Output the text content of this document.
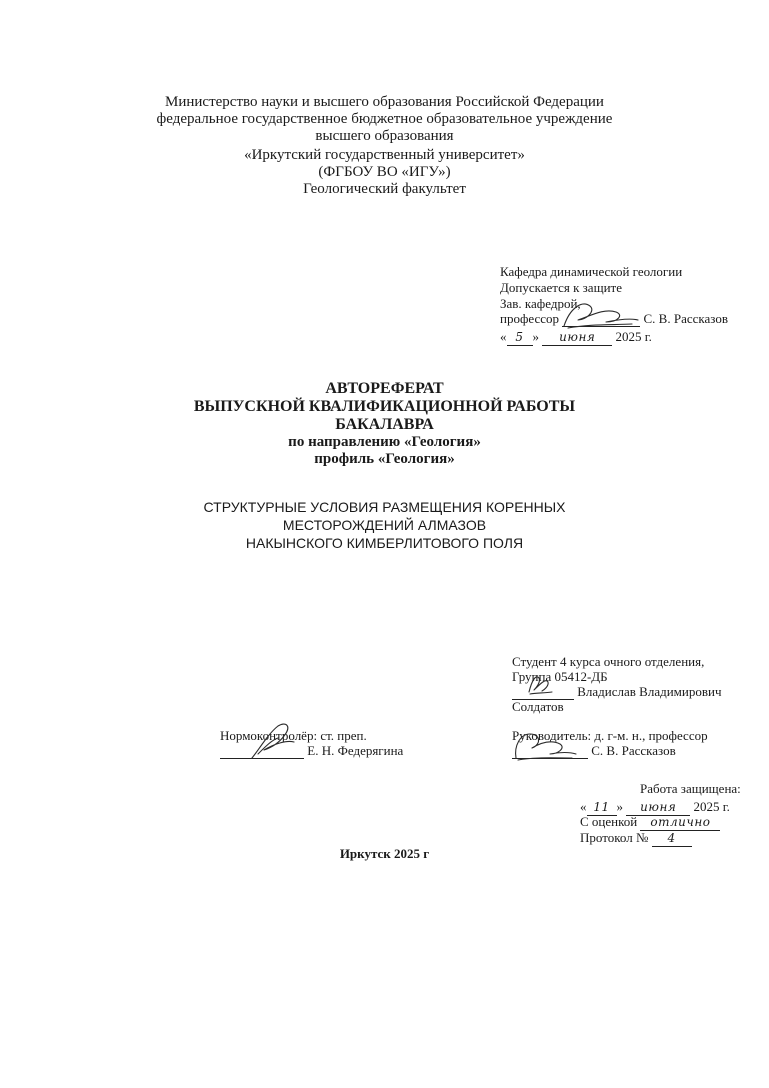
Министерство науки и высшего образования Российской Федерации
федеральное государственное бюджетное образовательное учреждение
высшего образования
«Иркутский государственный университет»
(ФГБОУ ВО «ИГУ»)
Геологический факультет
Кафедра динамической геологии
Допускается к защите
Зав. кафедрой,
профессор	С. В. Рассказов
« 5 » июня 2025 г.
АВТОРЕФЕРАТ
ВЫПУСКНОЙ КВАЛИФИКАЦИОННОЙ РАБОТЫ
БАКАЛАВРА
по направлению «Геология»
профиль «Геология»
СТРУКТУРНЫЕ УСЛОВИЯ РАЗМЕЩЕНИЯ КОРЕННЫХ
МЕСТОРОЖДЕНИЙ АЛМАЗОВ
НАКЫНСКОГО КИМБЕРЛИТОВОГО ПОЛЯ
Студент 4 курса очного отделения,
Группа 05412-ДБ
Владислав Владимирович
Солдатов
Нормоконтролёр: ст. преп.
Е. Н. Федерягина
Руководитель: д. г-м. н., профессор
С. В. Рассказов
Работа защищена:
« 11 » июня 2025 г.
С оценкой отлично
Протокол № 4
Иркутск 2025 г
